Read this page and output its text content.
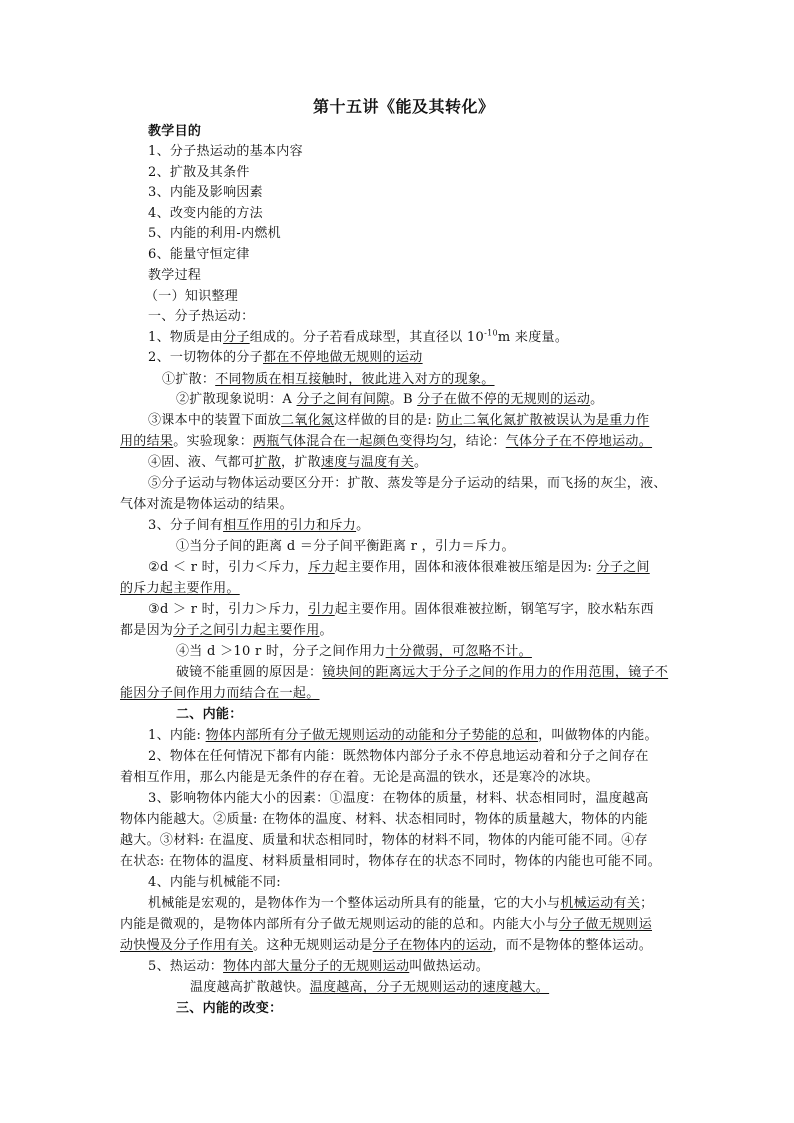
第十五讲《能及其转化》
教学目的
1、分子热运动的基本内容
2、扩散及其条件
3、内能及影响因素
4、改变内能的方法
5、内能的利用-内燃机
6、能量守恒定律
教学过程
（一）知识整理
一、分子热运动：
1、物质是由分子组成的。分子若看成球型，其直径以 $10^{-10}m$ 来度量。
2、一切物体的分子都在不停地做无规则的运动
①扩散：不同物质在相互接触时，彼此进入对方的现象。
②扩散现象说明：A 分子之间有间隙。B 分子在做不停的无规则的运动。
③课本中的装置下面放二氧化氮这样做的目的是: 防止二氧化氮扩散被误认为是重力作
用的结果。实验现象：两瓶气体混合在一起颜色变得均匀，结论：气体分子在不停地运动。
④固、液、气都可扩散，扩散速度与温度有关。
⑤分子运动与物体运动要区分开：扩散、蒸发等是分子运动的结果，而飞扬的灰尘，液、
气体对流是物体运动的结果。
3、分子间有相互作用的引力和斥力。
①当分子间的距离 d ＝分子间平衡距离 r ，引力＝斥力。
②d ＜ r 时，引力＜斥力，斥力起主要作用，固体和液体很难被压缩是因为: 分子之间
的斥力起主要作用。
③d ＞ r 时，引力＞斥力，引力起主要作用。固体很难被拉断，钢笔写字，胶水粘东西
都是因为分子之间引力起主要作用。
④当 d ＞10 r 时，分子之间作用力十分微弱，可忽略不计。
破镜不能重圆的原因是：镜块间的距离远大于分子之间的作用力的作用范围，镜子不
能因分子间作用力而结合在一起。
二、内能：
1、内能: 物体内部所有分子做无规则运动的动能和分子势能的总和，叫做物体的内能。
2、物体在任何情况下都有内能：既然物体内部分子永不停息地运动着和分子之间存在
着相互作用，那么内能是无条件的存在着。无论是高温的铁水，还是寒冷的冰块。
3、影响物体内能大小的因素：①温度：在物体的质量，材料、状态相同时，温度越高
物体内能越大。②质量: 在物体的温度、材料、状态相同时，物体的质量越大，物体的内能
越大。③材料: 在温度、质量和状态相同时，物体的材料不同，物体的内能可能不同。④存
在状态: 在物体的温度、材料质量相同时，物体存在的状态不同时，物体的内能也可能不同。
4、内能与机械能不同:
机械能是宏观的，是物体作为一个整体运动所具有的能量，它的大小与机械运动有关；
内能是微观的，是物体内部所有分子做无规则运动的能的总和。内能大小与分子做无规则运
动快慢及分子作用有关。这种无规则运动是分子在物体内的运动，而不是物体的整体运动。
5、热运动：物体内部大量分子的无规则运动叫做热运动。
温度越高扩散越快。温度越高，分子无规则运动的速度越大。
三、内能的改变：
